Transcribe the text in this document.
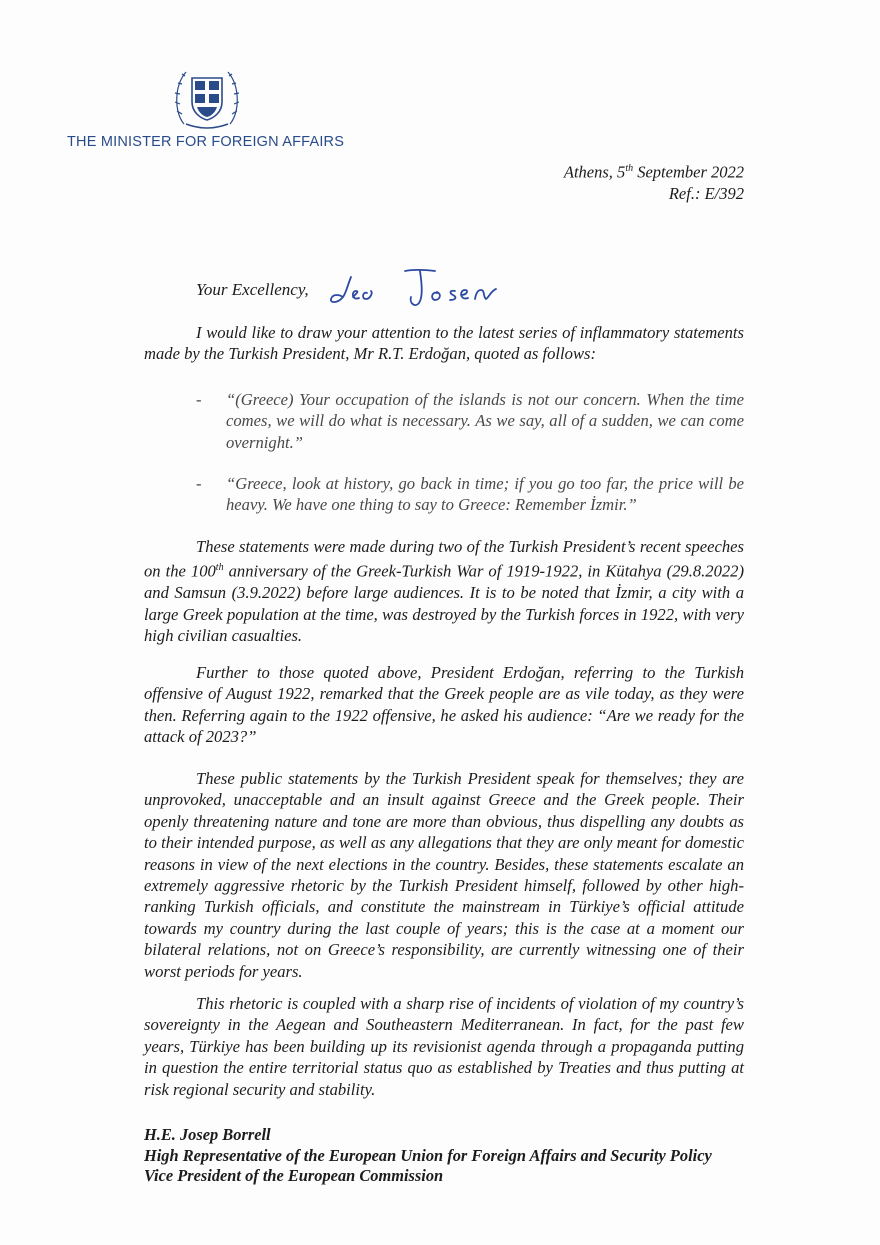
THE MINISTER FOR FOREIGN AFFAIRS
Athens, 5th September 2022
Ref.: E/392
Your Excellency,

I would like to draw your attention to the latest series of inflammatory statements made by the Turkish President, Mr R.T. Erdoğan, quoted as follows:

- “(Greece) Your occupation of the islands is not our concern. When the time comes, we will do what is necessary. As we say, all of a sudden, we can come overnight.”
- “Greece, look at history, go back in time; if you go too far, the price will be heavy. We have one thing to say to Greece: Remember İzmir.”

These statements were made during two of the Turkish President’s recent speeches on the 100th anniversary of the Greek-Turkish War of 1919-1922, in Kütahya (29.8.2022) and Samsun (3.9.2022) before large audiences. It is to be noted that İzmir, a city with a large Greek population at the time, was destroyed by the Turkish forces in 1922, with very high civilian casualties.

Further to those quoted above, President Erdoğan, referring to the Turkish offensive of August 1922, remarked that the Greek people are as vile today, as they were then. Referring again to the 1922 offensive, he asked his audience: “Are we ready for the attack of 2023?”

These public statements by the Turkish President speak for themselves; they are unprovoked, unacceptable and an insult against Greece and the Greek people. Their openly threatening nature and tone are more than obvious, thus dispelling any doubts as to their intended purpose, as well as any allegations that they are only meant for domestic reasons in view of the next elections in the country. Besides, these statements escalate an extremely aggressive rhetoric by the Turkish President himself, followed by other high-ranking Turkish officials, and constitute the mainstream in Türkiye’s official attitude towards my country during the last couple of years; this is the case at a moment our bilateral relations, not on Greece’s responsibility, are currently witnessing one of their worst periods for years.

This rhetoric is coupled with a sharp rise of incidents of violation of my country’s sovereignty in the Aegean and Southeastern Mediterranean. In fact, for the past few years, Türkiye has been building up its revisionist agenda through a propaganda putting in question the entire territorial status quo as established by Treaties and thus putting at risk regional security and stability.

H.E. Josep Borrell
High Representative of the European Union for Foreign Affairs and Security Policy
Vice President of the European Commission
